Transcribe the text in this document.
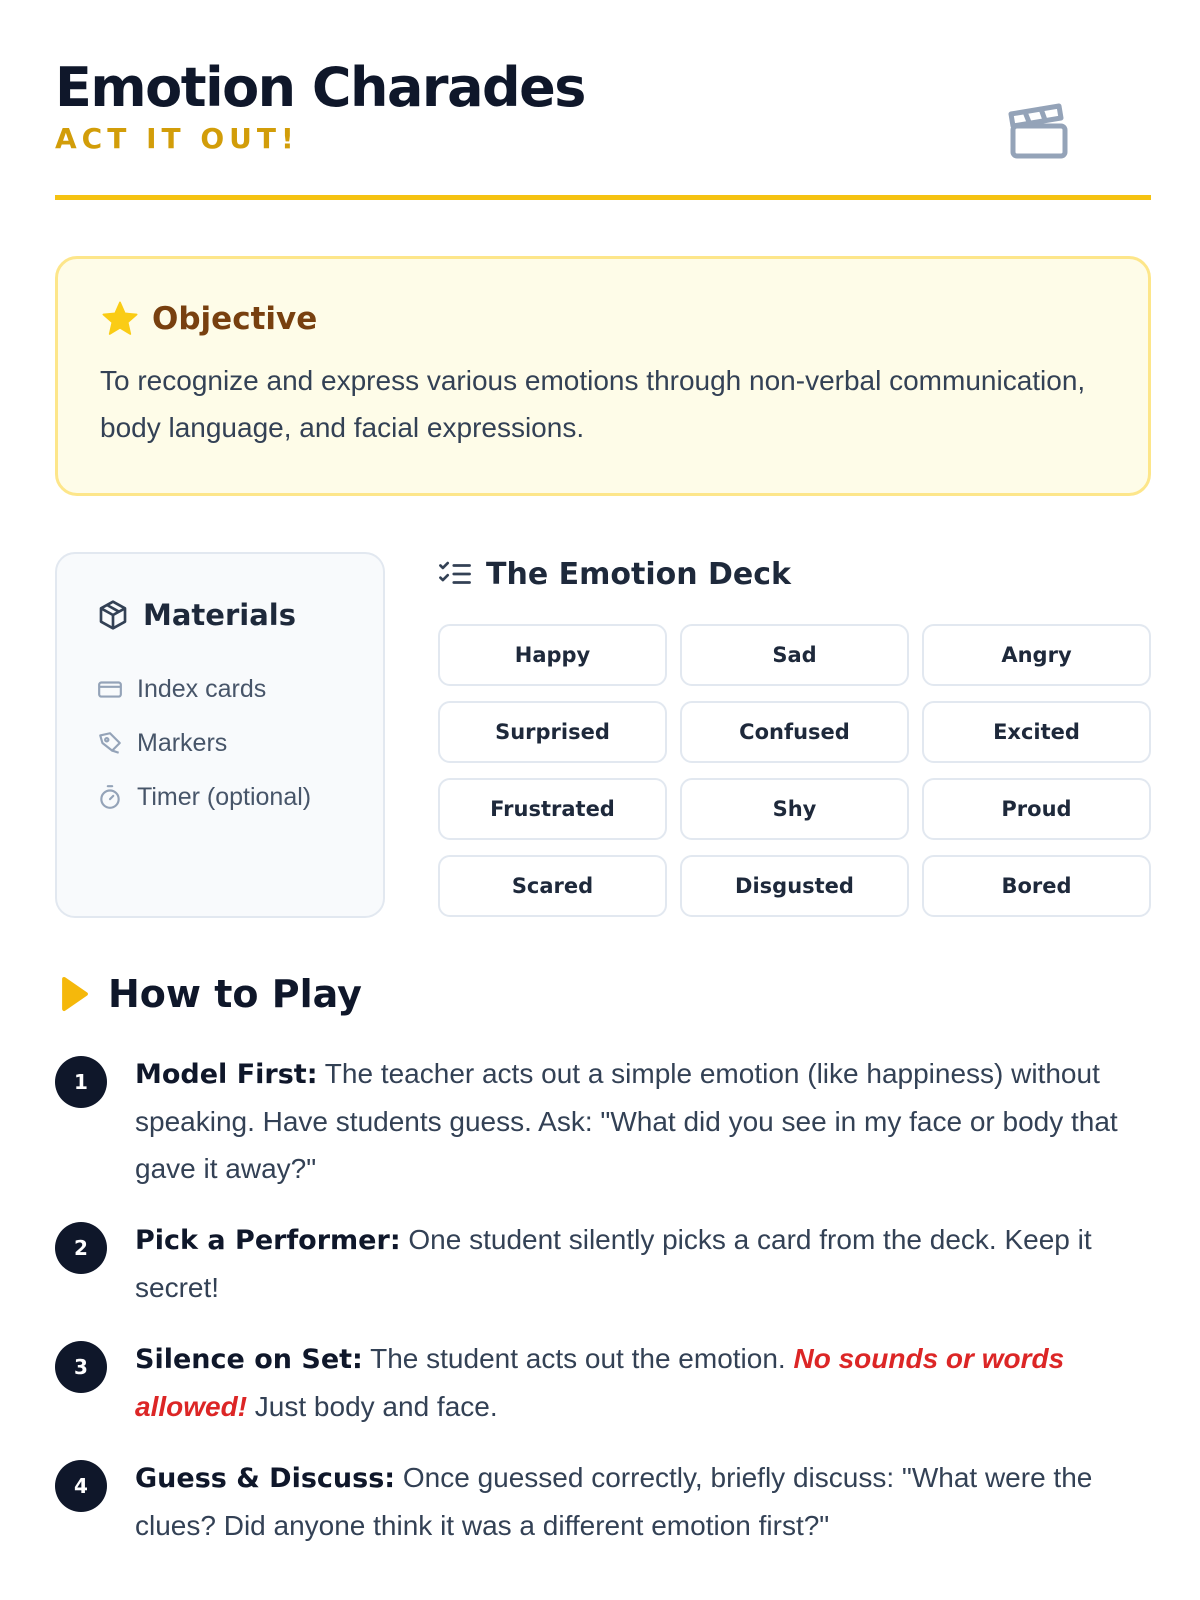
Emotion Charades
ACT IT OUT!
Objective

To recognize and express various emotions through non-verbal communication, body language, and facial expressions.

Materials
Index cards
Markers
Timer (optional)
The Emotion Deck
Happy	Sad	Angry
Surprised	Confused	Excited
Frustrated	Shy	Proud
Scared	Disgusted	Bored
How to Play
1	Model First: The teacher acts out a simple emotion (like happiness) without speaking. Have students guess. Ask: "What did you see in my face or body that gave it away?"
2	Pick a Performer: One student silently picks a card from the deck. Keep it secret!
3	Silence on Set: The student acts out the emotion. No sounds or words allowed! Just body and face.
4	Guess & Discuss: Once guessed correctly, briefly discuss: "What were the clues? Did anyone think it was a different emotion first?"
